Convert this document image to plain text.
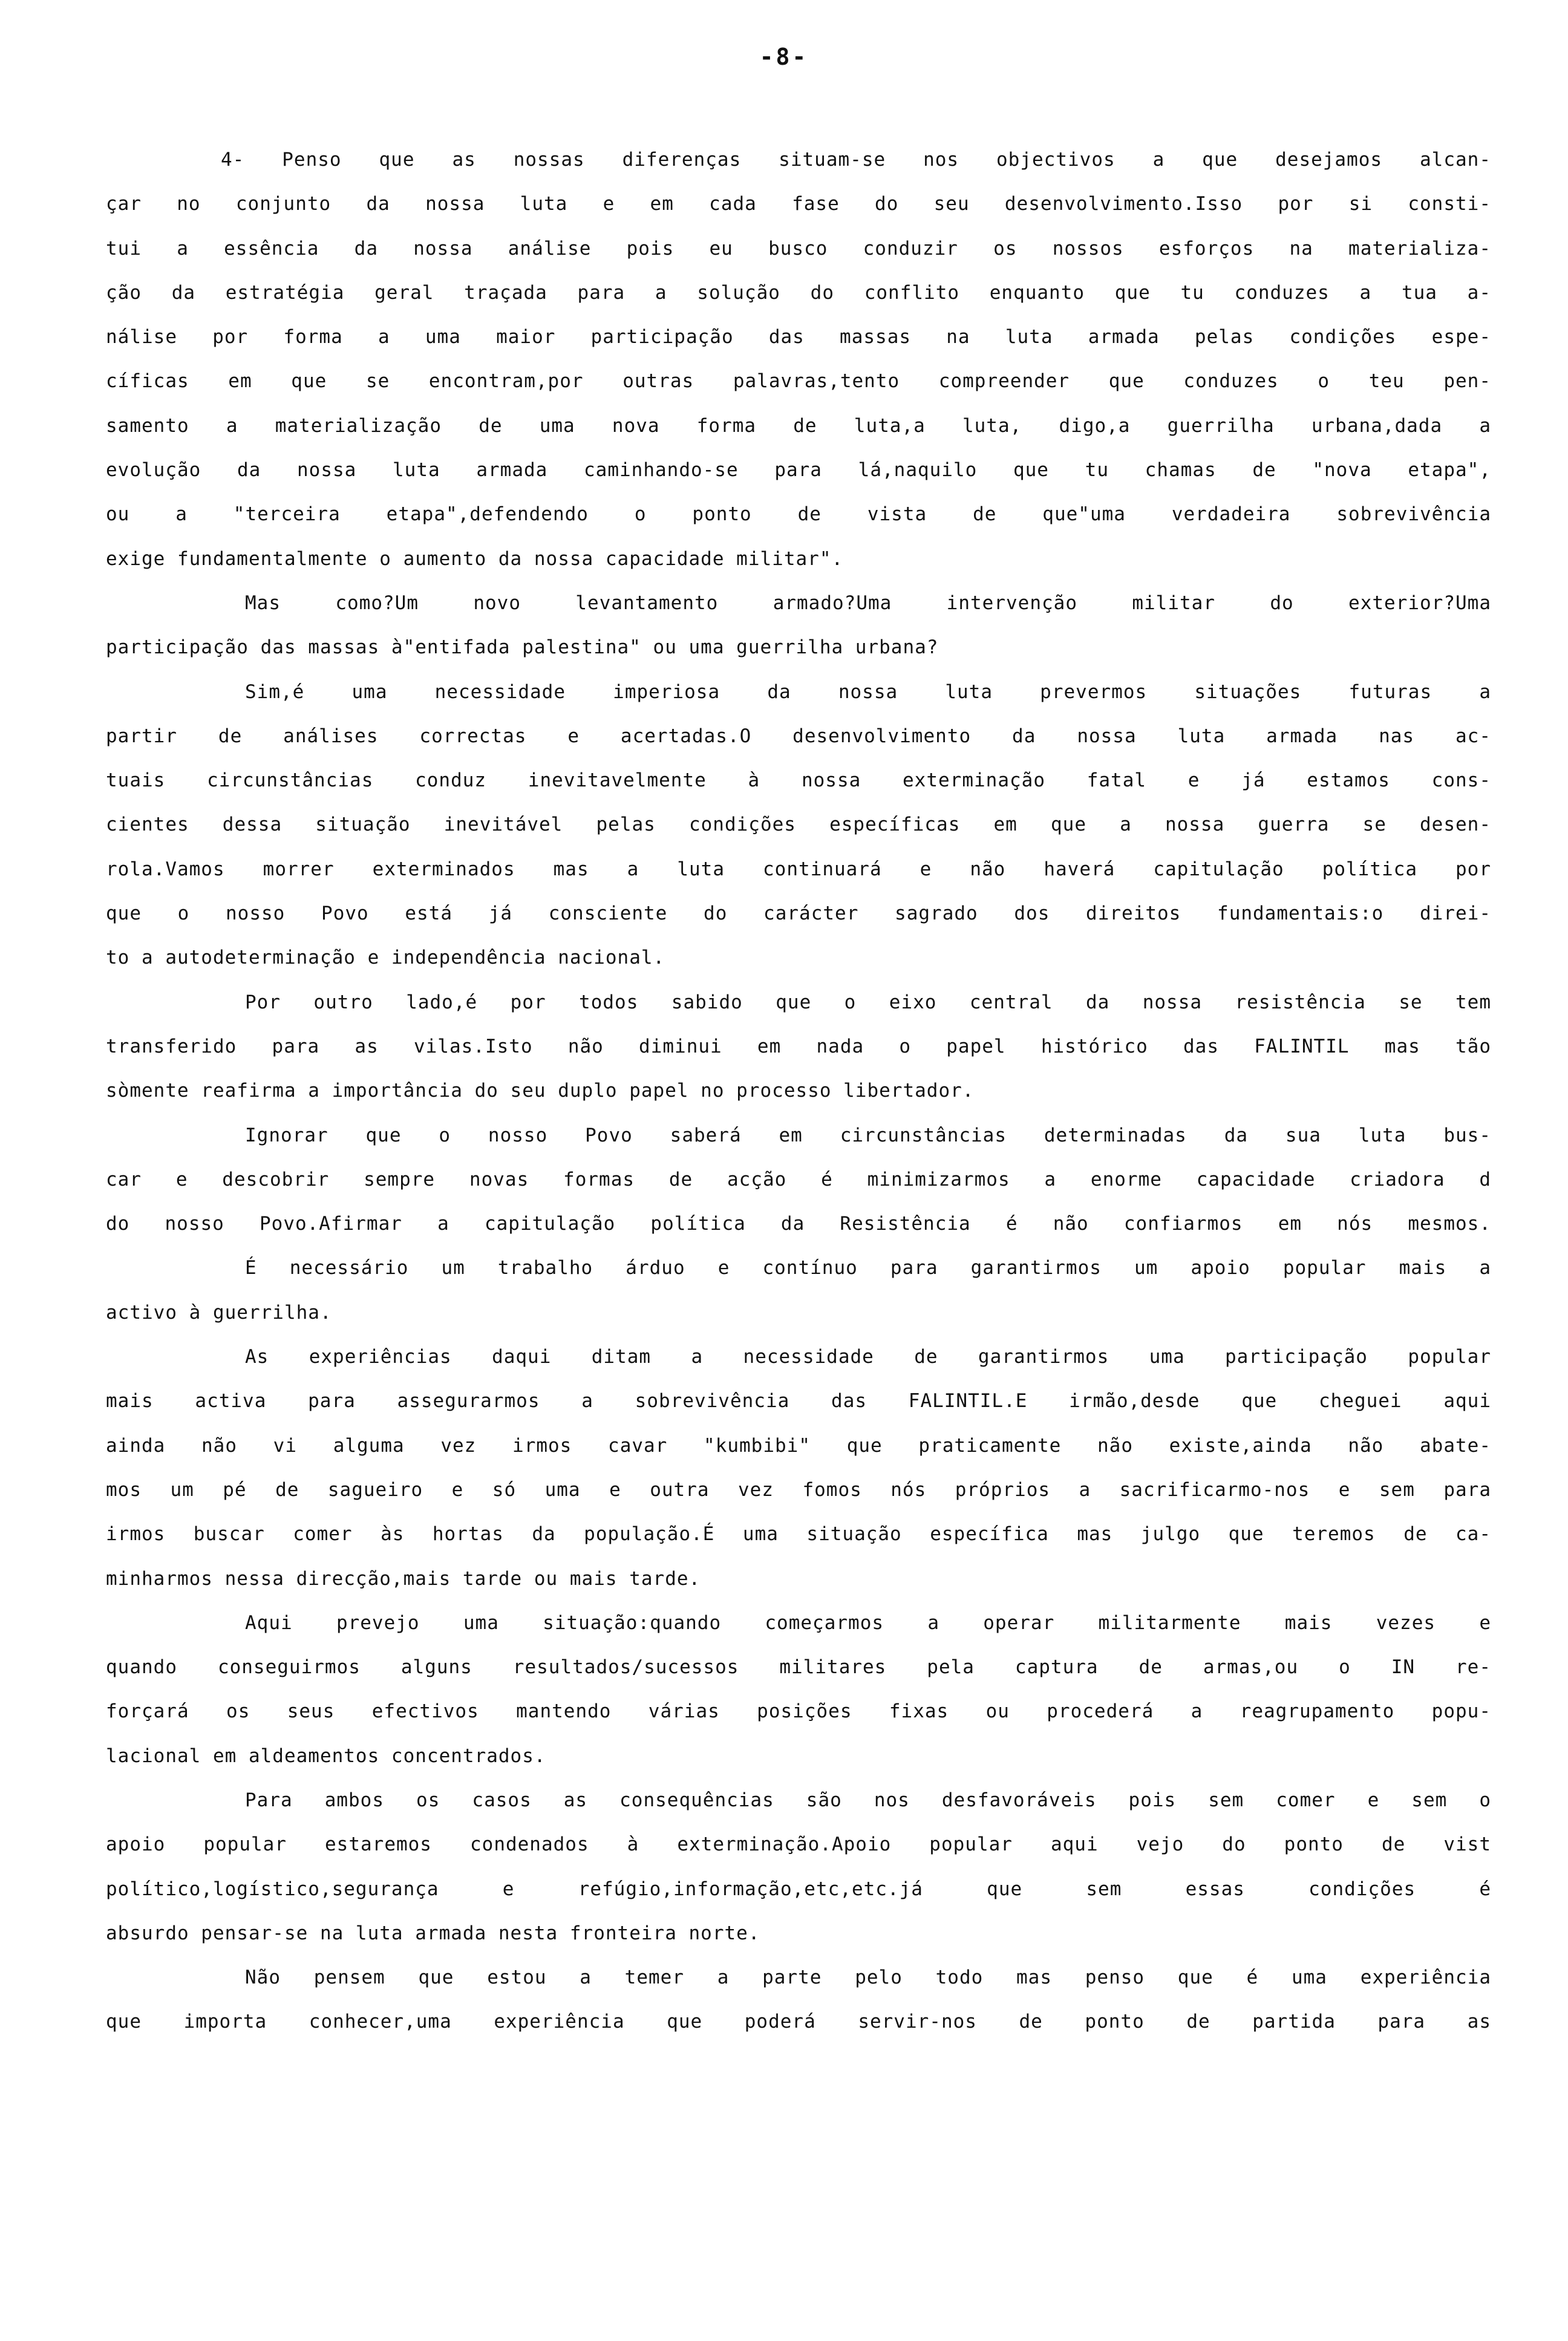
-8-
4- Penso que as nossas diferenças situam-se nos objectivos a que desejamos alcan-
çar no conjunto da nossa luta e em cada fase do seu desenvolvimento.Isso por si consti-
tui a essência da nossa análise pois eu busco conduzir os nossos esforços na materializa-
ção da estratégia geral traçada para a solução do conflito enquanto que tu conduzes a tua a-
nálise por forma a uma maior participação das massas na luta armada pelas condições espe-
cíficas em que se encontram,por outras palavras,tento compreender que conduzes o teu pen-
samento a materialização de uma nova forma de luta,a luta, digo,a guerrilha urbana,dada a
evolução da nossa luta armada caminhando-se para lá,naquilo que tu chamas de "nova etapa",
ou a "terceira etapa",defendendo o ponto de vista de que"uma verdadeira sobrevivência
exige fundamentalmente o aumento da nossa capacidade militar".
Mas como?Um novo levantamento armado?Uma intervenção militar do exterior?Uma
participação das massas à"entifada palestina" ou uma guerrilha urbana?
Sim,é uma necessidade imperiosa da nossa luta prevermos situações futuras a
partir de análises correctas e acertadas.O desenvolvimento da nossa luta armada nas ac-
tuais circunstâncias conduz inevitavelmente à nossa exterminação fatal e já estamos cons-
cientes dessa situação inevitável pelas condições específicas em que a nossa guerra se desen-
rola.Vamos morrer exterminados mas a luta continuará e não haverá capitulação política por
que o nosso Povo está já consciente do carácter sagrado dos direitos fundamentais:o direi-
to a autodeterminação e independência nacional.
Por outro lado,é por todos sabido que o eixo central da nossa resistência se tem
transferido para as vilas.Isto não diminui em nada o papel histórico das FALINTIL mas tão
sòmente reafirma a importância do seu duplo papel no processo libertador.
Ignorar que o nosso Povo saberá em circunstâncias determinadas da sua luta bus-
car e descobrir sempre novas formas de acção é minimizarmos a enorme capacidade criadora d
do nosso Povo.Afirmar a capitulação política da Resistência é não confiarmos em nós mesmos.
É necessário um trabalho árduo e contínuo para garantirmos um apoio popular mais a
activo à guerrilha.
As experiências daqui ditam a necessidade de garantirmos uma participação popular
mais activa para assegurarmos a sobrevivência das FALINTIL.E irmão,desde que cheguei aqui
ainda não vi alguma vez irmos cavar "kumbibi" que praticamente não existe,ainda não abate-
mos um pé de sagueiro e só uma e outra vez fomos nós próprios a sacrificarmo-nos e sem para
irmos buscar comer às hortas da população.É uma situação específica mas julgo que teremos de ca-
minharmos nessa direcção,mais tarde ou mais tarde.
Aqui prevejo uma situação:quando começarmos a operar militarmente mais vezes e
quando conseguirmos alguns resultados/sucessos militares pela captura de armas,ou o IN re-
forçará os seus efectivos mantendo várias posições fixas ou procederá a reagrupamento popu-
lacional em aldeamentos concentrados.
Para ambos os casos as consequências são nos desfavoráveis pois sem comer e sem o
apoio popular estaremos condenados à exterminação.Apoio popular aqui vejo do ponto de vist
político,logístico,segurança e refúgio,informação,etc,etc.já que sem essas condições é
absurdo pensar-se na luta armada nesta fronteira norte.
Não pensem que estou a temer a parte pelo todo mas penso que é uma experiência
que importa conhecer,uma experiência que poderá servir-nos de ponto de partida para as
